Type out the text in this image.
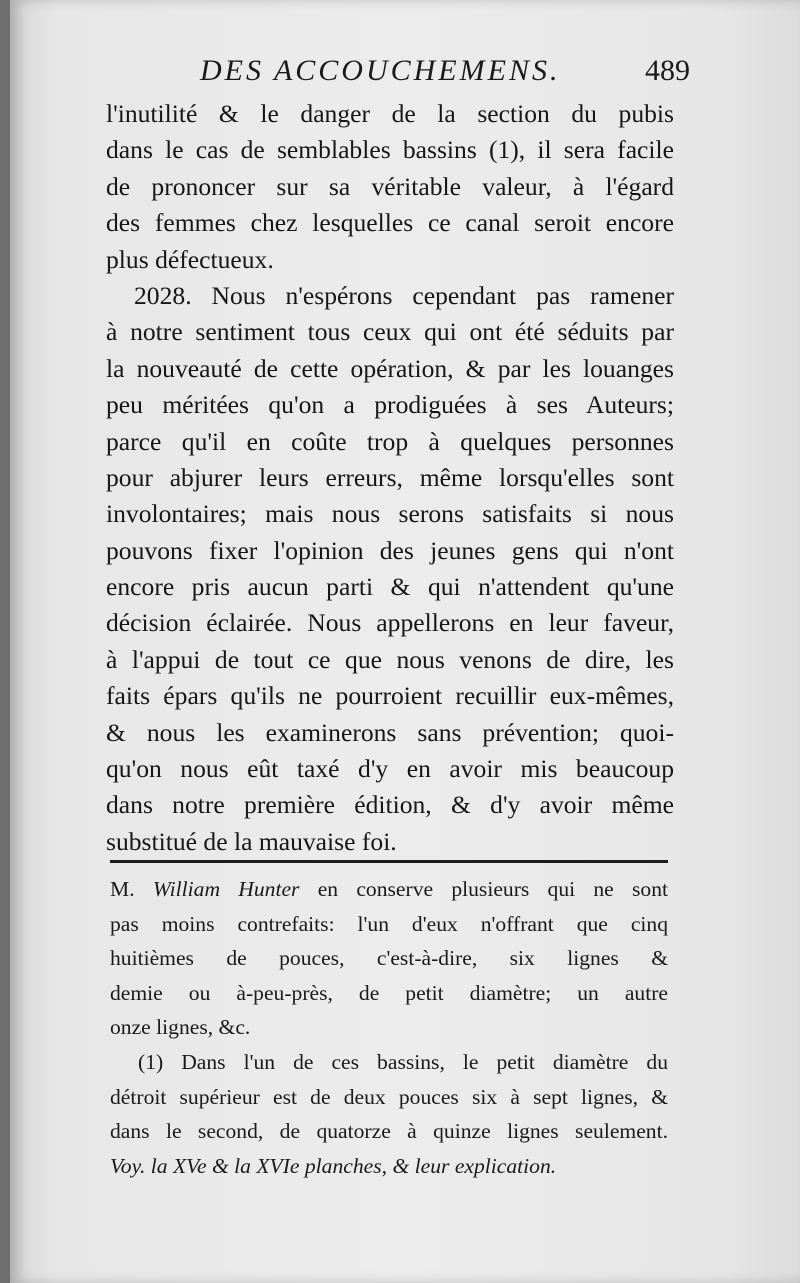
DES ACCOUCHEMENS.	489
l'inutilité & le danger de la section du pubis
dans le cas de semblables bassins (1), il sera facile
de prononcer sur sa véritable valeur, à l'égard
des femmes chez lesquelles ce canal seroit encore
plus défectueux.
2028. Nous n'espérons cependant pas ramener
à notre sentiment tous ceux qui ont été séduits par
la nouveauté de cette opération, & par les louanges
peu méritées qu'on a prodiguées à ses Auteurs;
parce qu'il en coûte trop à quelques personnes
pour abjurer leurs erreurs, même lorsqu'elles sont
involontaires; mais nous serons satisfaits si nous
pouvons fixer l'opinion des jeunes gens qui n'ont
encore pris aucun parti & qui n'attendent qu'une
décision éclairée. Nous appellerons en leur faveur,
à l'appui de tout ce que nous venons de dire, les
faits épars qu'ils ne pourroient recuillir eux-mêmes,
& nous les examinerons sans prévention; quoi-
qu'on nous eût taxé d'y en avoir mis beaucoup
dans notre première édition, & d'y avoir même
substitué de la mauvaise foi.
M. William Hunter en conserve plusieurs qui ne sont
pas moins contrefaits: l'un d'eux n'offrant que cinq
huitièmes de pouces, c'est-à-dire, six lignes &
demie ou à-peu-près, de petit diamètre; un autre
onze lignes, &c.
(1) Dans l'un de ces bassins, le petit diamètre du
détroit supérieur est de deux pouces six à sept lignes, &
dans le second, de quatorze à quinze lignes seulement.
Voy. la XVe & la XVIe planches, & leur explication.
